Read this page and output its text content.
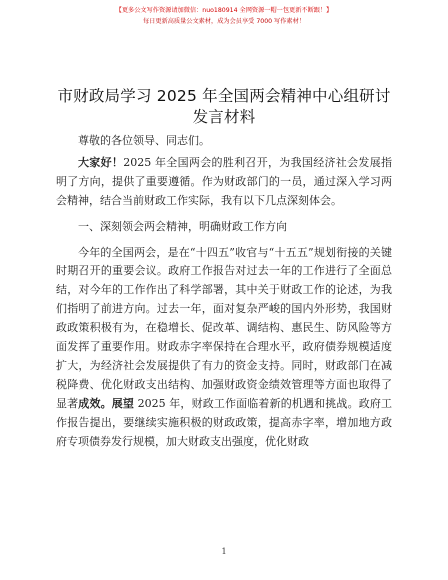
【更多公文写作资源请加微信：nuo180914 全网资源一帽一包更新不断跟！】
每日更新高质量公文素材，成为会员享受 7000 写作素材！
市财政局学习 2025 年全国两会精神中心组研讨
发言材料

尊敬的各位领导、同志们。

大家好！2025 年全国两会的胜利召开，为我国经济社会发展指明了方向，提供了重要遵循。作为财政部门的一员，通过深入学习两会精神，结合当前财政工作实际，我有以下几点深刻体会。

一、深刻领会两会精神，明确财政工作方向

今年的全国两会，是在“十四五”收官与“十五五”规划衔接的关键时期召开的重要会议。政府工作报告对过去一年的工作进行了全面总结，对今年的工作作出了科学部署，其中关于财政工作的论述，为我们指明了前进方向。过去一年，面对复杂严峻的国内外形势，我国财政政策积极有为，在稳增长、促改革、调结构、惠民生、防风险等方面发挥了重要作用。财政赤字率保持在合理水平，政府债券规模适度扩大，为经济社会发展提供了有力的资金支持。同时，财政部门在减税降费、优化财政支出结构、加强财政资金绩效管理等方面也取得了显著成效。展望 2025 年，财政工作面临着新的机遇和挑战。政府工作报告提出，要继续实施积极的财政政策，提高赤字率，增加地方政府专项债券发行规模，加大财政支出强度，优化财政

1
